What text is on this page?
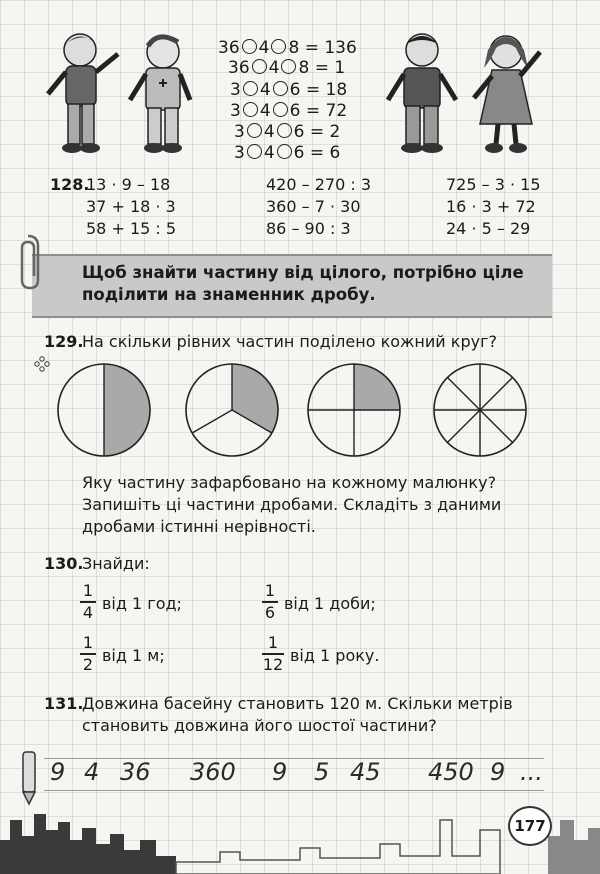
36 4 8 = 136
36 4 8 = 1
3 4 6 = 18
3 4 6 = 72
3 4 6 = 2
3 4 6 = 6
128.
13 · 9 – 18
37 + 18 · 3
58 + 15 : 5
420 – 270 : 3
360 – 7 · 30
86 – 90 : 3
725 – 3 · 15
16 · 3 + 72
24 · 5 – 29
Щоб знайти частину від цілого, потрібно ціле
поділити на знаменник дробу.
129.
На скільки рівних частин поділено кожний круг?
Яку частину зафарбовано на кожному малюнку?
Запишіть ці частини дробами. Складіть з даними
дробами істинні нерівності.
130.
Знайди:
1
4 від 1 год;
1
6 від 1 доби;
1
2 від 1 м;
1
12 від 1 року.
131.
Довжина басейну становить 120 м. Скільки метрів
становить довжина його шостої частини?
9 4 36 360 9 5 45 450 9 ...
177
